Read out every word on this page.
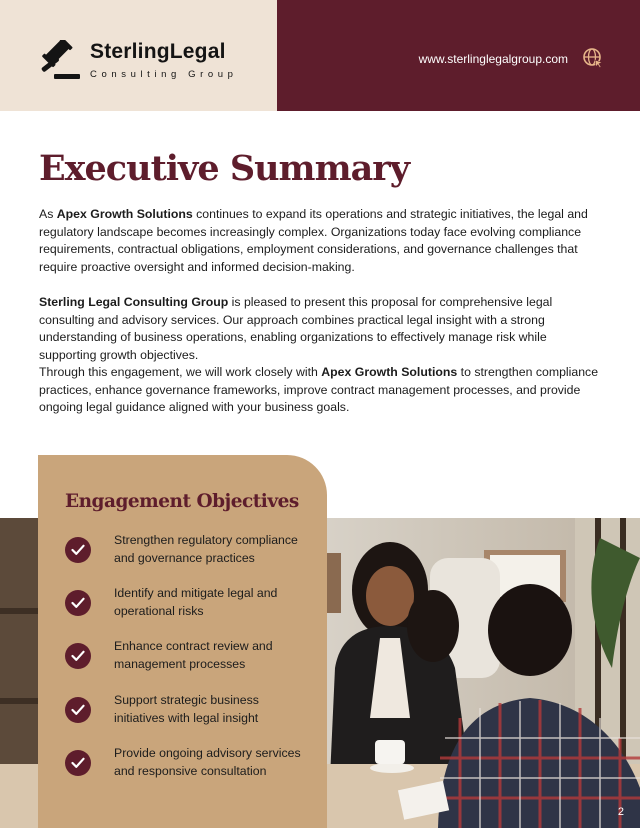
SterlingLegal
Consulting Group
www.sterlinglegalgroup.com
Executive Summary

As Apex Growth Solutions continues to expand its operations and strategic initiatives, the legal and regulatory landscape becomes increasingly complex. Organizations today face evolving compliance requirements, contractual obligations, employment considerations, and governance challenges that require proactive oversight and informed decision-making.

Sterling Legal Consulting Group is pleased to present this proposal for comprehensive legal consulting and advisory services. Our approach combines practical legal insight with a strong understanding of business operations, enabling organizations to effectively manage risk while supporting growth objectives.

Through this engagement, we will work closely with Apex Growth Solutions to strengthen compliance practices, enhance governance frameworks, improve contract management processes, and provide ongoing legal guidance aligned with your business goals.

Engagement Objectives
Strengthen regulatory compliance
and governance practices
Identify and mitigate legal and
operational risks
Enhance contract review and
management processes
Support strategic business
initiatives with legal insight
Provide ongoing advisory services
and responsive consultation
2
